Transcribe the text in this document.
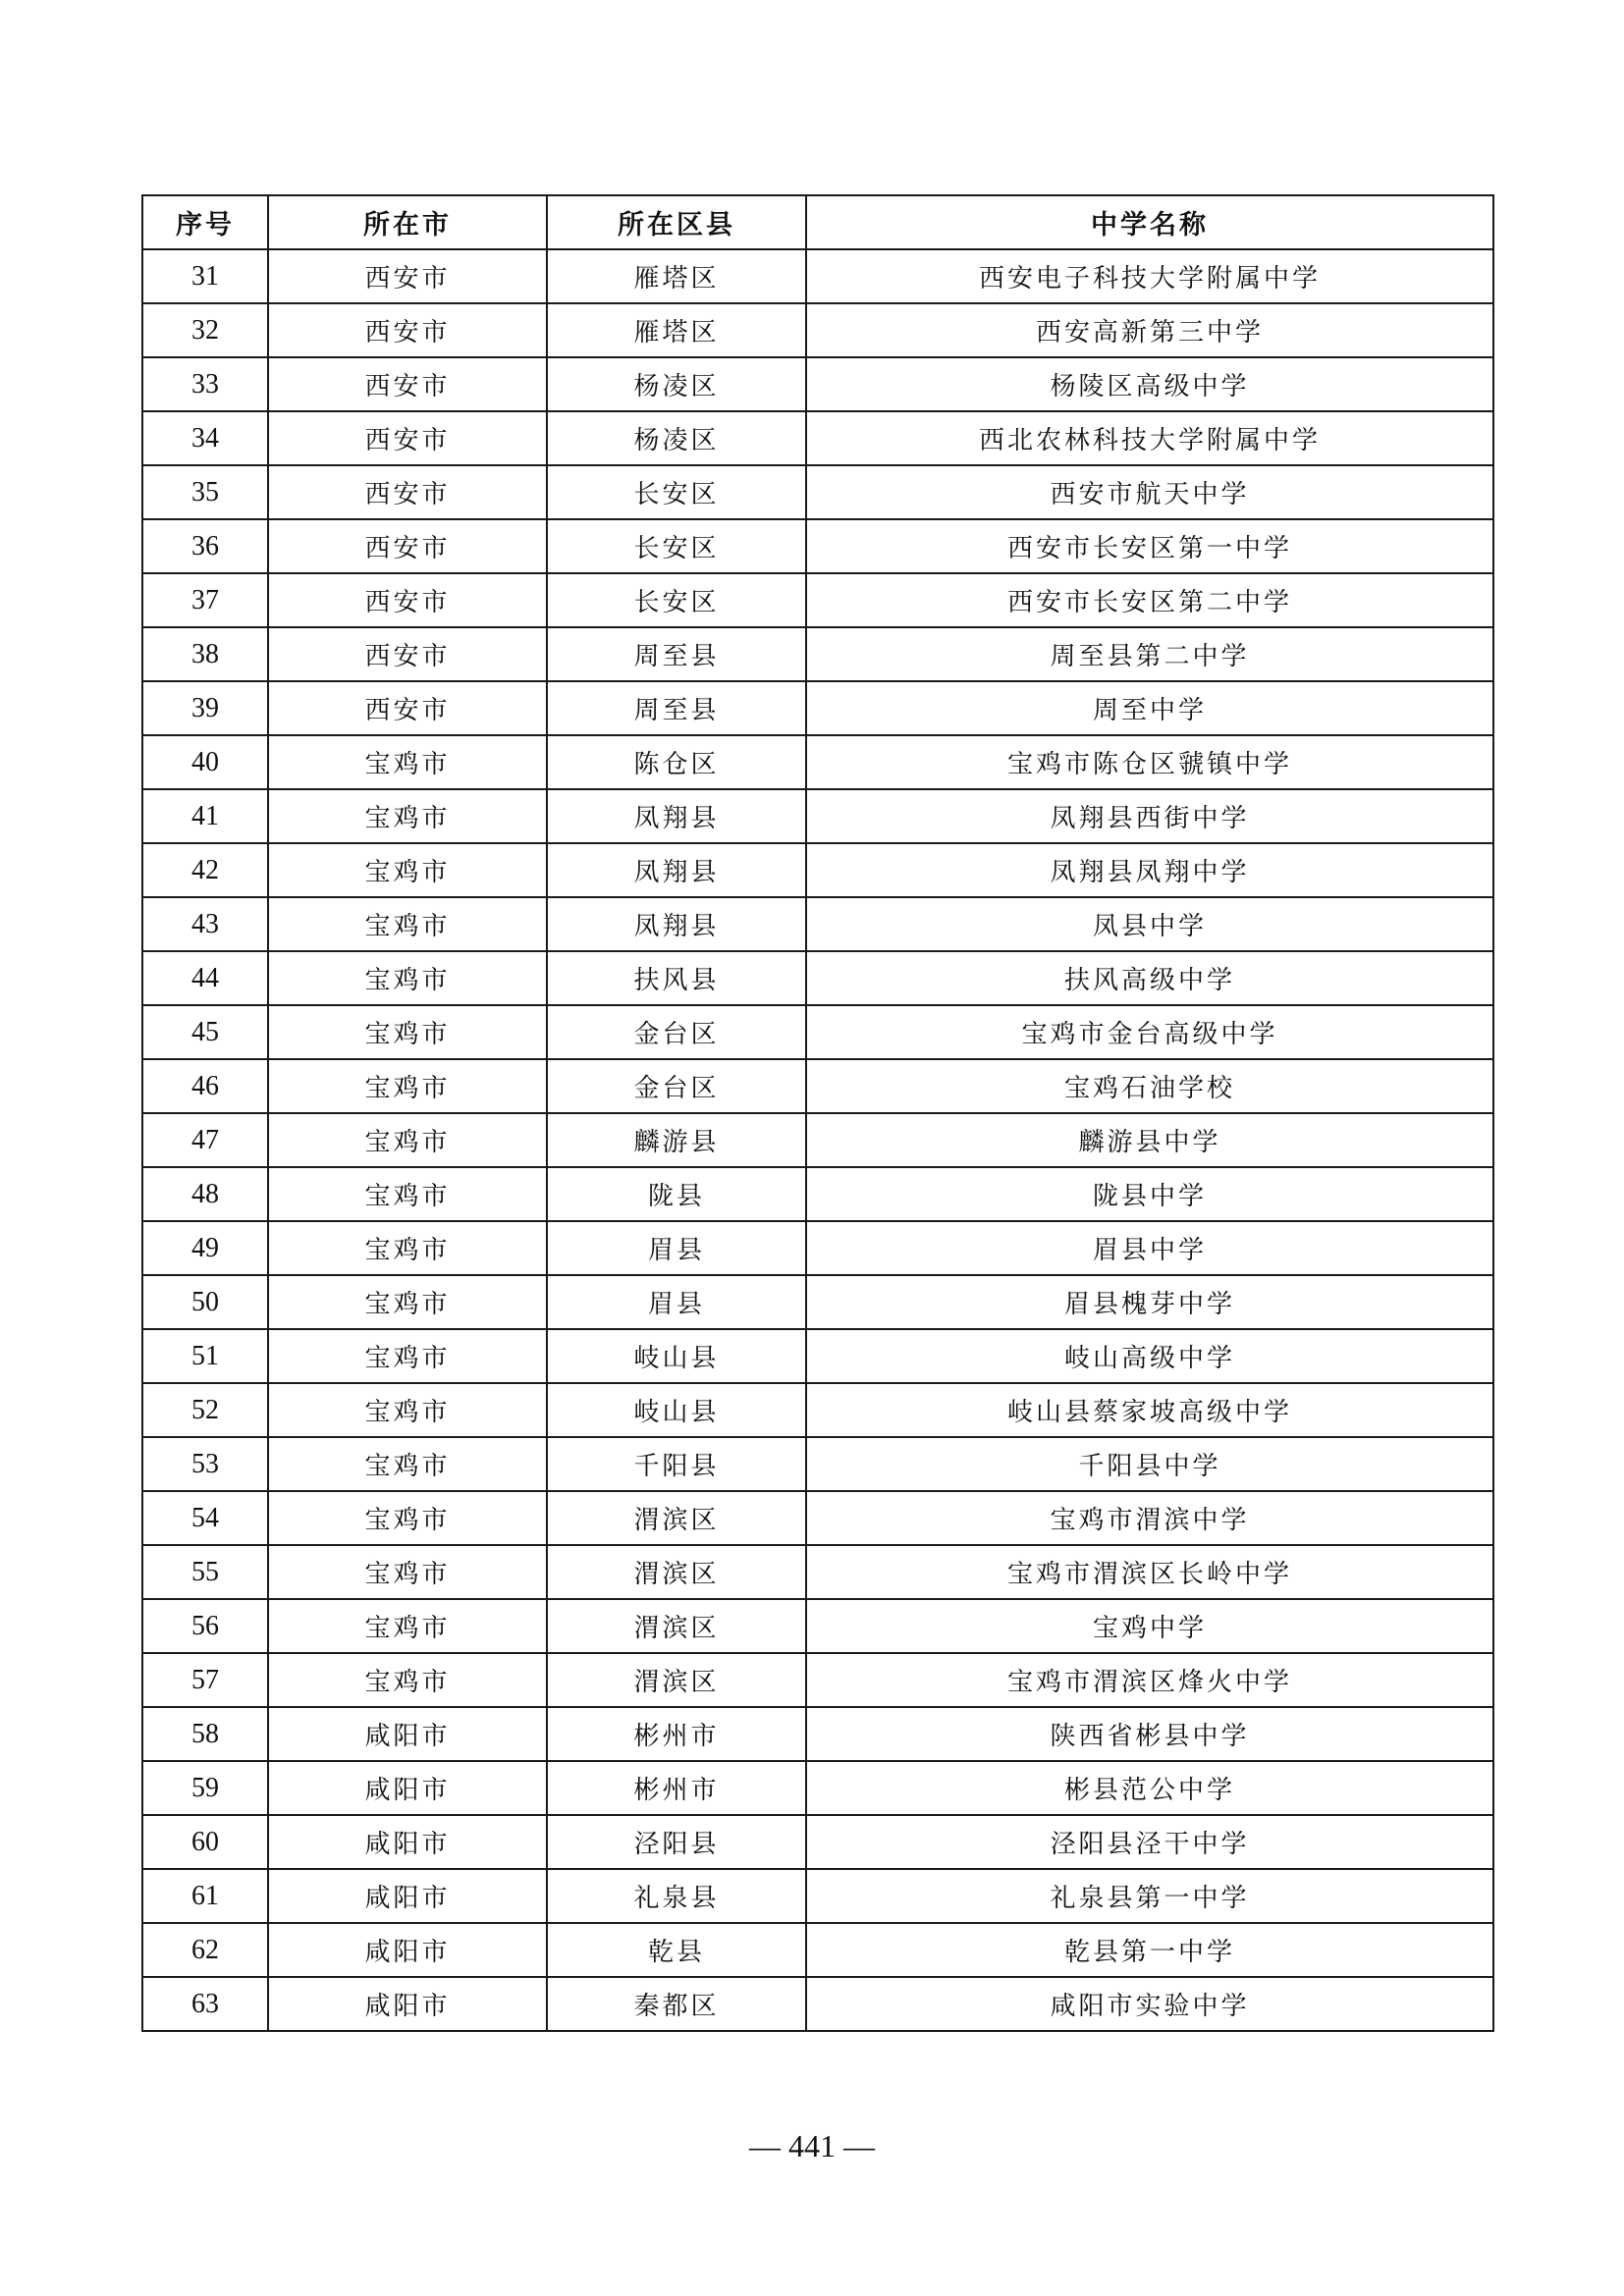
序号	所在市	所在区县	中学名称
31	西安市	雁塔区	西安电子科技大学附属中学
32	西安市	雁塔区	西安高新第三中学
33	西安市	杨凌区	杨陵区高级中学
34	西安市	杨凌区	西北农林科技大学附属中学
35	西安市	长安区	西安市航天中学
36	西安市	长安区	西安市长安区第一中学
37	西安市	长安区	西安市长安区第二中学
38	西安市	周至县	周至县第二中学
39	西安市	周至县	周至中学
40	宝鸡市	陈仓区	宝鸡市陈仓区虢镇中学
41	宝鸡市	凤翔县	凤翔县西街中学
42	宝鸡市	凤翔县	凤翔县凤翔中学
43	宝鸡市	凤翔县	凤县中学
44	宝鸡市	扶风县	扶风高级中学
45	宝鸡市	金台区	宝鸡市金台高级中学
46	宝鸡市	金台区	宝鸡石油学校
47	宝鸡市	麟游县	麟游县中学
48	宝鸡市	陇县	陇县中学
49	宝鸡市	眉县	眉县中学
50	宝鸡市	眉县	眉县槐芽中学
51	宝鸡市	岐山县	岐山高级中学
52	宝鸡市	岐山县	岐山县蔡家坡高级中学
53	宝鸡市	千阳县	千阳县中学
54	宝鸡市	渭滨区	宝鸡市渭滨中学
55	宝鸡市	渭滨区	宝鸡市渭滨区长岭中学
56	宝鸡市	渭滨区	宝鸡中学
57	宝鸡市	渭滨区	宝鸡市渭滨区烽火中学
58	咸阳市	彬州市	陕西省彬县中学
59	咸阳市	彬州市	彬县范公中学
60	咸阳市	泾阳县	泾阳县泾干中学
61	咸阳市	礼泉县	礼泉县第一中学
62	咸阳市	乾县	乾县第一中学
63	咸阳市	秦都区	咸阳市实验中学
— 441 —
